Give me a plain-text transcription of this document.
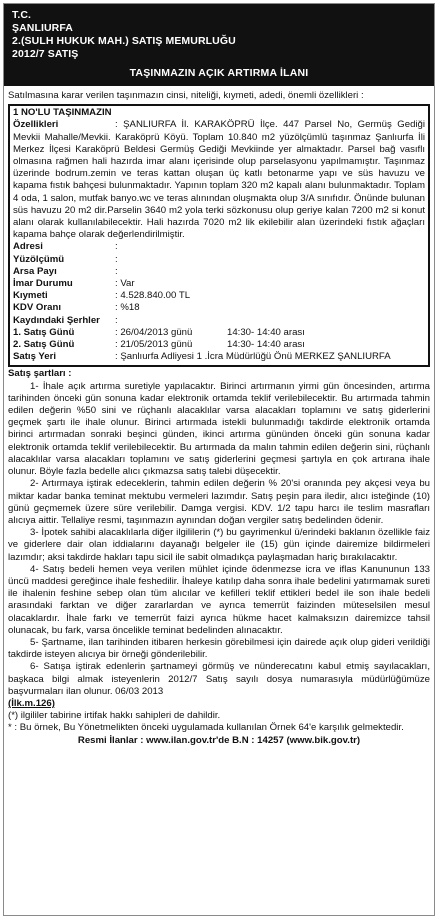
T.C.
ŞANLIURFA
2.(SULH HUKUK MAH.) SATIŞ MEMURLUĞU
2012/7 SATIŞ
TAŞINMAZIN AÇIK ARTIRMA İLANI
Satılmasına karar verilen taşınmazın cinsi, niteliği, kıymeti, adedi, önemli özellikleri :
1 NO'LU TAŞINMAZIN
Özellikleri	: ŞANLIURFA İl. KARAKÖPRÜ İlçe. 447 Parsel No, Germüş Gediği Mevkii Mahalle/Mevkii. Karaköprü Köyü. Toplam 10.840 m2 yüzölçümlü taşınmaz Şanlıurfa İli Merkez İlçesi Karaköprü Beldesi Germüş Gediği Mevkiinde yer almaktadır. Parsel bağ vasıflı olmasına rağmen hali hazırda imar alanı içerisinde olup parselasyonu yapılmamıştır. Taşınmaz üzerinde bodrum.zemin ve teras kattan oluşan üç katlı betonarme yapı ve süs havuzu ve kapama fıstık bahçesi bulunmaktadır. Yapının toplam 320 m2 kapalı alanı bulunmaktadır. Toplam 4 oda, 1 salon, mutfak banyo.wc ve teras alınından oluşmakta olup 3/A sınıfıdır. Önünde bulunan süs havuzu 20 m2 dir.Parselin 3640 m2 yola terki sözkonusu olup geriye kalan 7200 m2 si konut alanı olarak kullanılabilecektir. Hali hazırda 7020 m2 lik ekilebilir alan üzerindeki fıstık ağaçları kapama bahçe olarak değerlendirilmiştir.
Adresi	:
Yüzölçümü	:
Arsa Payı	:
İmar Durumu	: Var
Kıymeti	: 4.528.840.00 TL
KDV Oranı	: %18
Kaydındaki Şerhler	:
1. Satış Günü	: 26/04/2013 günü	14:30- 14:40 arası
2. Satış Günü	: 21/05/2013 günü	14:30- 14:40 arası
Satış Yeri	: Şanlıurfa Adliyesi 1 .İcra Müdürlüğü Önü MERKEZ ŞANLIURFA
Satış şartları :
1- İhale açık artırma suretiyle yapılacaktır. Birinci artırmanın yirmi gün öncesinden, artırma tarihinden önceki gün sonuna kadar elektronik ortamda teklif verilebilecektir. Bu artırmada tahmin edilen değerin %50 sini ve rüçhanlı alacaklılar varsa alacakları toplamını ve satış giderlerini geçmek şartı ile ihale olunur. Birinci artırmada istekli bulunmadığı takdirde elektronik ortamda birinci artırmadan sonraki beşinci günden, ikinci artırma gününden önceki gün sonuna kadar elektronik ortamda teklif verilebilecektir. Bu artırmada da malın tahmin edilen değerin sini, rüçhanlı alacaklılar varsa alacakları toplamını ve satış giderlerini geçmesi şartıyla en çok artırana ihale olunur. Böyle fazla bedelle alıcı çıkmazsa satış talebi düşecektir.
2- Artırmaya iştirak edeceklerin, tahmin edilen değerin % 20'si oranında pey akçesi veya bu miktar kadar banka teminat mektubu vermeleri lazımdır. Satış peşin para iledir, alıcı isteğinde (10) günü geçmemek üzere süre verilebilir. Damga vergisi. KDV. 1/2 tapu harcı ile teslim masrafları alıcıya aittir. Tellaliye resmi, taşınmazın aynından doğan vergiler satış bedelinden ödenir.
3- İpotek sahibi alacaklılarla diğer ilgililerin (*) bu gayrimenkul ü/erindeki baklanın özellikle faiz ve giderlere dair olan iddialarını dayanağı belgeler ile (15) gün içinde dairemize bildirmeleri lazımdır; aksi takdirde hakları tapu sicil ile sabit olmadıkça paylaşmadan hariç bırakılacaktır.
4- Satış bedeli hemen veya verilen mühlet içinde ödenmezse icra ve iflas Kanununun 133 üncü maddesi gereğince ihale feshedilir. İhaleye katılıp daha sonra ihale bedelini yatırmamak sureti ile ihalenin feshine sebep olan tüm alıcılar ve kefilleri teklif ettikleri bedel ile son ihale bedeli arasındaki farktan ve diğer zararlardan ve ayrıca temerrüt faizinden müteselsilen mesul olacaklardır. İhale farkı ve temerrüt faizi ayrıca hükme hacet kalmaksızın dairemizce tahsil olunacak, bu fark, varsa öncelikle teminat bedelinden alınacaktır.
5- Şartname, ilan tarihinden itibaren herkesin görebilmesi için dairede açık olup gideri verildiği takdirde isteyen alıcıya bir örneği gönderilebilir.
6- Satışa iştirak edenlerin şartnameyi görmüş ve nünderecatını kabul etmiş sayılacakları, başkaca bilgi almak isteyenlerin 2012/7 Satış sayılı dosya numarasıyla müdürlüğümüze başvurmaları ilan olunur. 06/03 2013
(İlk.m.126)
(*) ilgililer tabirine irtifak hakkı sahipleri de dahildir.
* : Bu örnek, Bu Yönetmelikten önceki uygulamada kullanılan Örnek 64'e karşılık gelmektedir.
Resmi İlanlar : www.ilan.gov.tr'de B.N : 14257 (www.bik.gov.tr)
